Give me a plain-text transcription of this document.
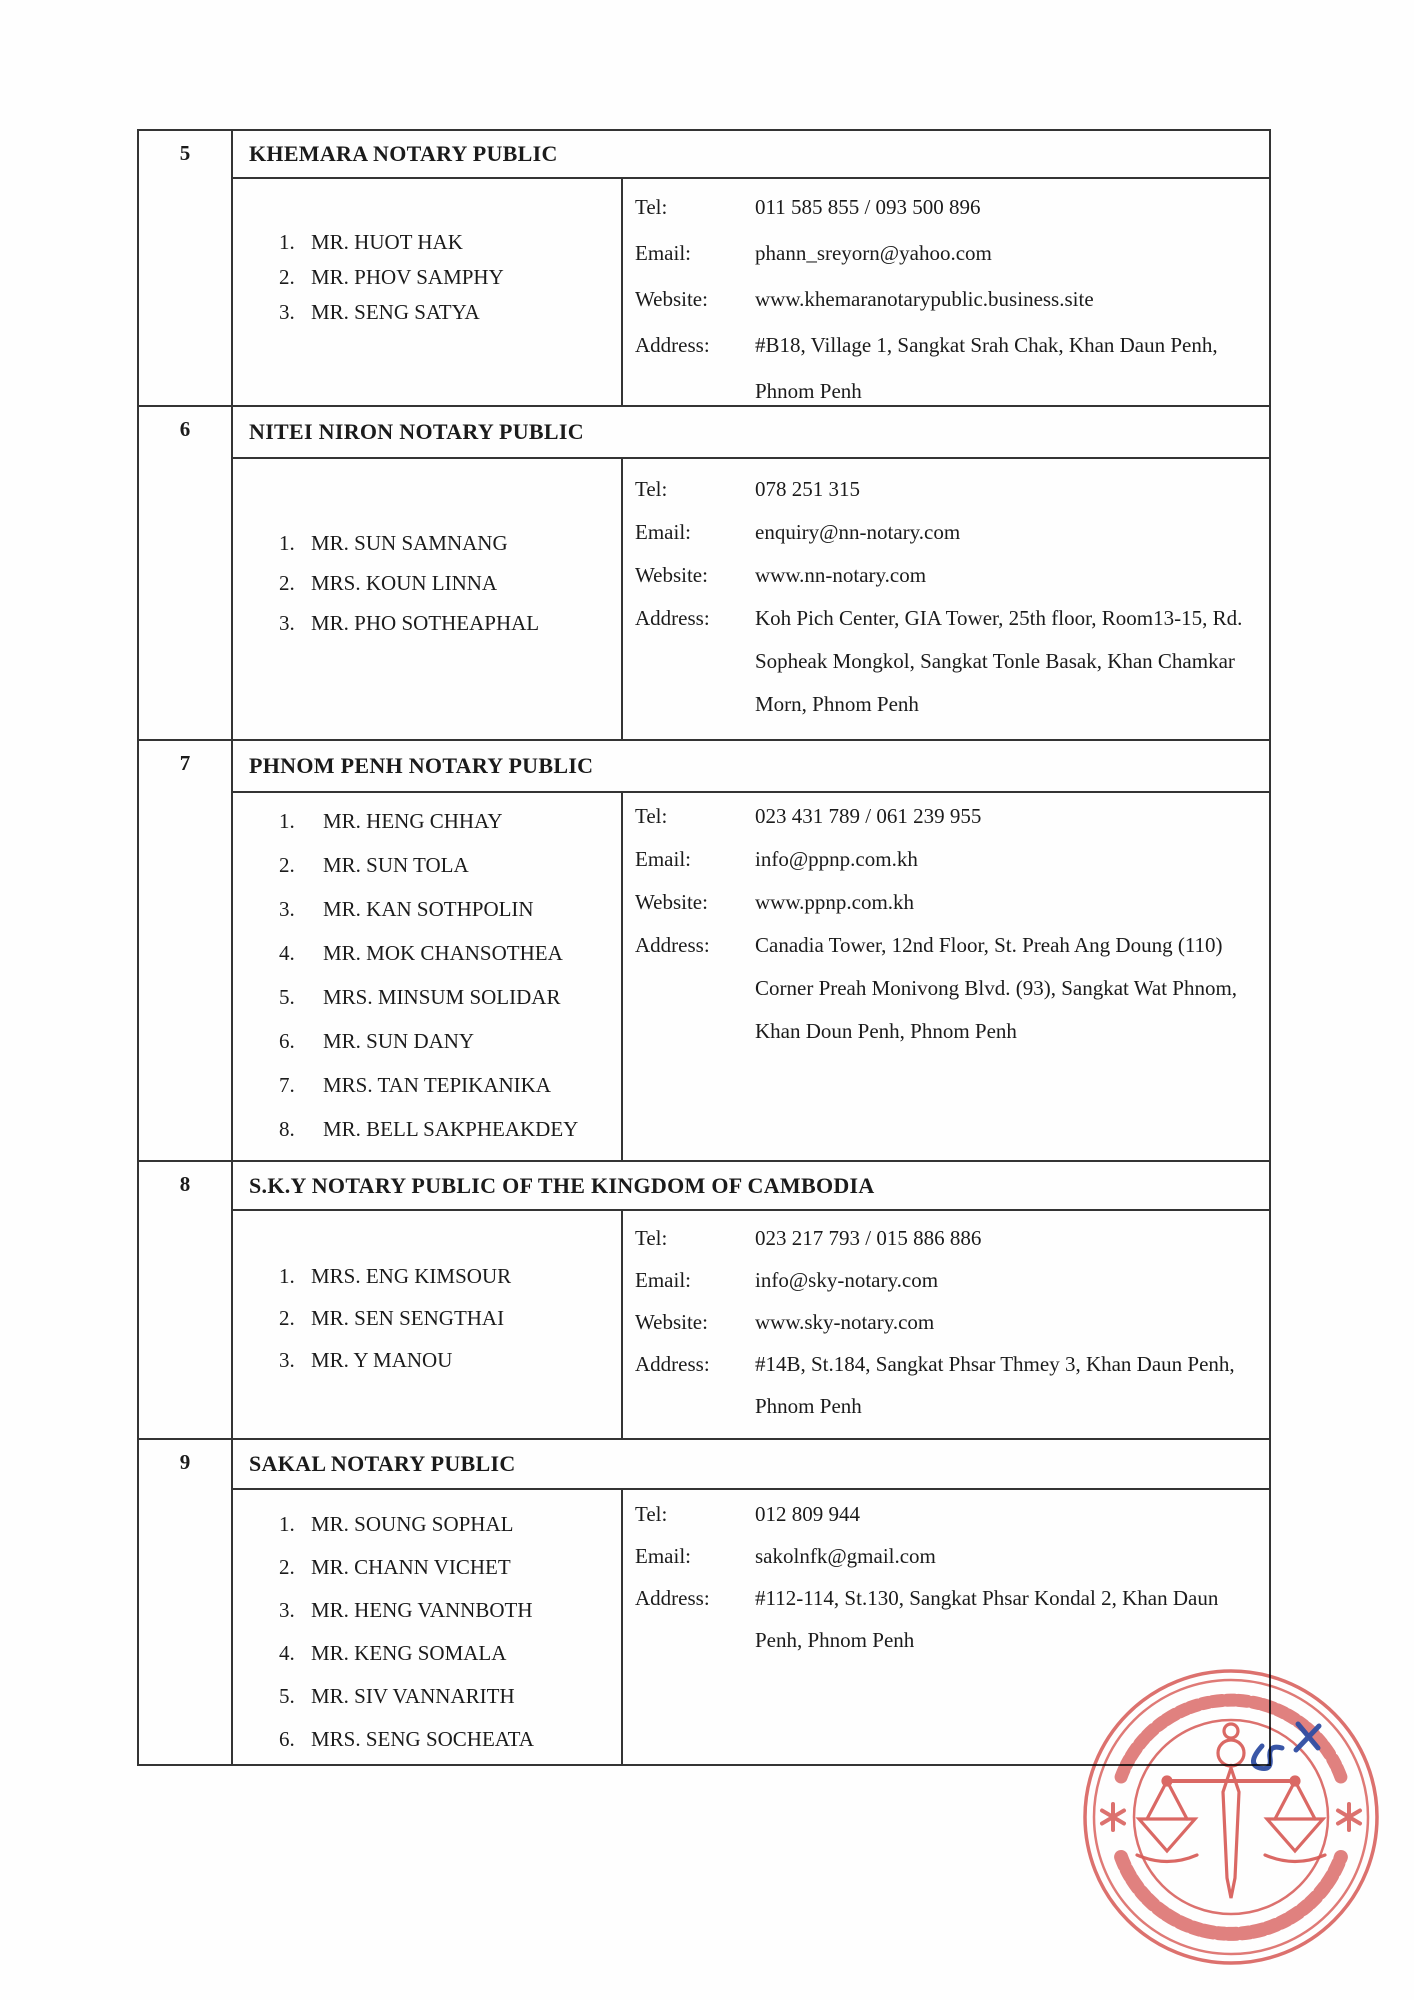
5	KHEMARA NOTARY PUBLIC
1. MR. HUOT HAK
2. MR. PHOV SAMPHY
3. MR. SENG SATYA
Tel:	011 585 855 / 093 500 896
Email:	phann_sreyorn@yahoo.com
Website:	www.khemaranotarypublic.business.site
Address:	#B18, Village 1, Sangkat Srah Chak, Khan Daun Penh, Phnom Penh
6	NITEI NIRON NOTARY PUBLIC
1. MR. SUN SAMNANG
2. MRS. KOUN LINNA
3. MR. PHO SOTHEAPHAL
Tel:	078 251 315
Email:	enquiry@nn-notary.com
Website:	www.nn-notary.com
Address:	Koh Pich Center, GIA Tower, 25th floor, Room13-15, Rd. Sopheak Mongkol, Sangkat Tonle Basak, Khan Chamkar Morn, Phnom Penh
7	PHNOM PENH NOTARY PUBLIC
1.	MR. HENG CHHAY
2.	MR. SUN TOLA
3.	MR. KAN SOTHPOLIN
4.	MR. MOK CHANSOTHEA
5.	MRS. MINSUM SOLIDAR
6.	MR. SUN DANY
7.	MRS. TAN TEPIKANIKA
8.	MR. BELL SAKPHEAKDEY
Tel:	023 431 789 / 061 239 955
Email:	info@ppnp.com.kh
Website:	www.ppnp.com.kh
Address:	Canadia Tower, 12nd Floor, St. Preah Ang Doung (110) Corner Preah Monivong Blvd. (93), Sangkat Wat Phnom, Khan Doun Penh, Phnom Penh
8	S.K.Y NOTARY PUBLIC OF THE KINGDOM OF CAMBODIA
1. MRS. ENG KIMSOUR
2. MR. SEN SENGTHAI
3. MR. Y MANOU
Tel:	023 217 793 / 015 886 886
Email:	info@sky-notary.com
Website:	www.sky-notary.com
Address:	#14B, St.184, Sangkat Phsar Thmey 3, Khan Daun Penh, Phnom Penh
9	SAKAL NOTARY PUBLIC
1. MR. SOUNG SOPHAL
2. MR. CHANN VICHET
3. MR. HENG VANNBOTH
4. MR. KENG SOMALA
5. MR. SIV VANNARITH
6. MRS. SENG SOCHEATA
Tel:	012 809 944
Email:	sakolnfk@gmail.com
Address:	#112-114, St.130, Sangkat Phsar Kondal 2, Khan Daun Penh, Phnom Penh
